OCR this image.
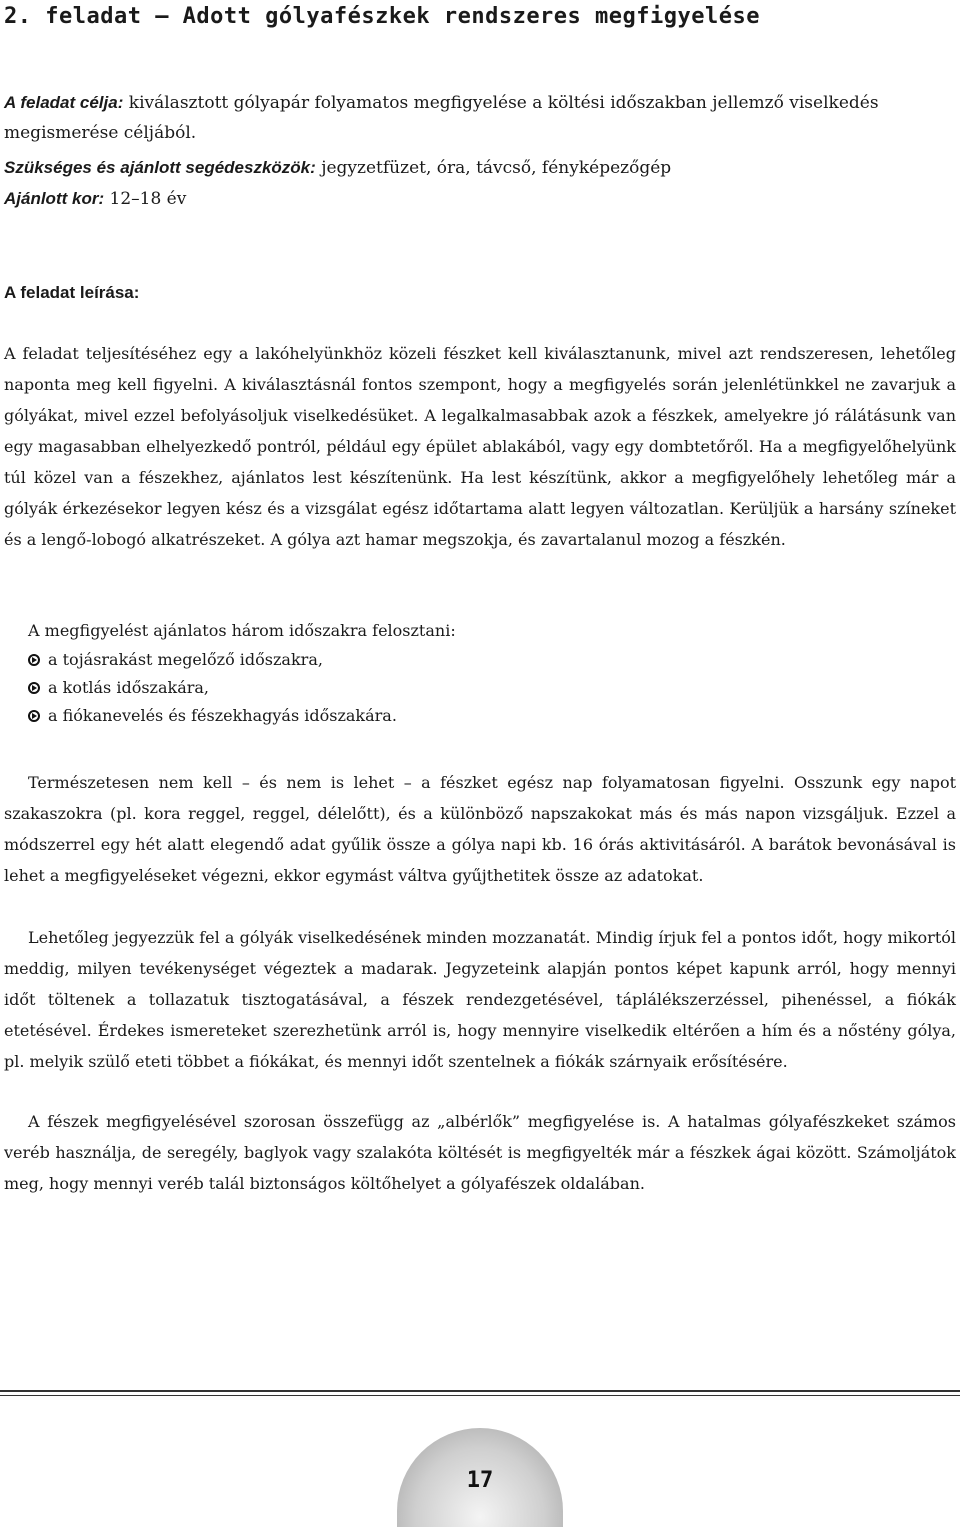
2. feladat – Adott gólyafészkek rendszeres megfigyelése
A feladat célja: kiválasztott gólyapár folyamatos megfigyelése a költési időszakban jellemző viselkedés megismerése céljából.
Szükséges és ajánlott segédeszközök: jegyzetfüzet, óra, távcső, fényképezőgép
Ajánlott kor: 12–18 év
A feladat leírása:

A feladat teljesítéséhez egy a lakóhelyünkhöz közeli fészket kell kiválasztanunk, mivel azt rendszeresen, lehetőleg naponta meg kell figyelni. A kiválasztásnál fontos szempont, hogy a megfigyelés során jelenlétünkkel ne zavarjuk a gólyákat, mivel ezzel befolyásoljuk viselkedésüket. A legalkalmasabbak azok a fészkek, amelyekre jó rálátásunk van egy magasabban elhelyezkedő pontról, például egy épület ablakából, vagy egy dombtetőről. Ha a megfigyelőhelyünk túl közel van a fészekhez, ajánlatos lest készítenünk. Ha lest készítünk, akkor a megfigyelőhely lehetőleg már a gólyák érkezésekor legyen kész és a vizsgálat egész időtartama alatt legyen változatlan. Kerüljük a harsány színeket és a lengő-lobogó alkatrészeket. A gólya azt hamar megszokja, és zavartalanul mozog a fészkén.

A megfigyelést ajánlatos három időszakra felosztani:

a tojásrakást megelőző időszakra,
a kotlás időszakára,
a fiókanevelés és fészekhagyás időszakára.

Természetesen nem kell – és nem is lehet – a fészket egész nap folyamatosan figyelni. Osszunk egy napot szakaszokra (pl. kora reggel, reggel, délelőtt), és a különböző napszakokat más és más napon vizsgáljuk. Ezzel a módszerrel egy hét alatt elegendő adat gyűlik össze a gólya napi kb. 16 órás aktivitásáról. A barátok bevonásával is lehet a megfigyeléseket végezni, ekkor egymást váltva gyűjthetitek össze az adatokat.

Lehetőleg jegyezzük fel a gólyák viselkedésének minden mozzanatát. Mindig írjuk fel a pontos időt, hogy mikortól meddig, milyen tevékenységet végeztek a madarak. Jegyzeteink alapján pontos képet kapunk arról, hogy mennyi időt töltenek a tollazatuk tisztogatásával, a fészek rendezgetésével, táplálékszerzéssel, pihenéssel, a fiókák etetésével. Érdekes ismereteket szerezhetünk arról is, hogy mennyire viselkedik eltérően a hím és a nőstény gólya, pl. melyik szülő eteti többet a fiókákat, és mennyi időt szentelnek a fiókák szárnyaik erősítésére.

A fészek megfigyelésével szorosan összefügg az „albérlők” megfigyelése is. A hatalmas gólyafészkeket számos veréb használja, de seregély, baglyok vagy szalakóta költését is megfigyelték már a fészkek ágai között. Számoljátok meg, hogy mennyi veréb talál biztonságos költőhelyet a gólyafészek oldalában.

17
